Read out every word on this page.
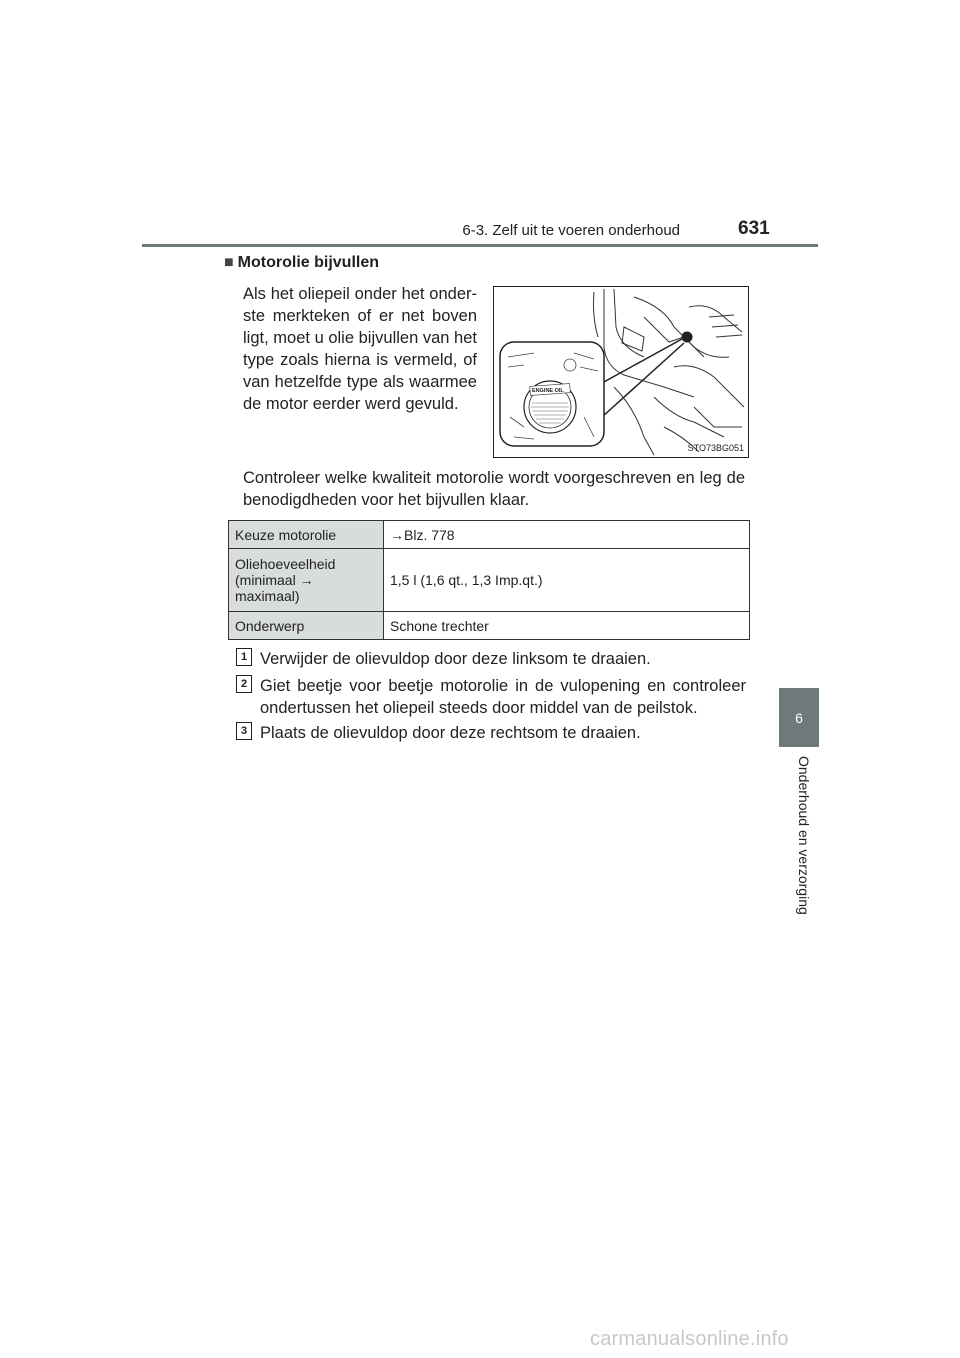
6-3. Zelf uit te voeren onderhoud	631
6
Onderhoud en verzorging
■ Motorolie bijvullen
Als het oliepeil onder het onder-ste merkteken of er net boven ligt, moet u olie bijvullen van het type zoals hierna is vermeld, of van hetzelfde type als waarmee de motor eerder werd gevuld.
ENGINE OIL
STO73BG051
Controleer welke kwaliteit motorolie wordt voorgeschreven en leg de benodigdheden voor het bijvullen klaar.
Keuze motorolie	→Blz. 778
Oliehoeveelheid (minimaal → maximaal)	1,5 l (1,6 qt., 1,3 Imp.qt.)
Onderwerp	Schone trechter
1 Verwijder de olievuldop door deze linksom te draaien.
2 Giet beetje voor beetje motorolie in de vulopening en controleer ondertussen het oliepeil steeds door middel van de peilstok.
3 Plaats de olievuldop door deze rechtsom te draaien.
carmanualsonline.info
